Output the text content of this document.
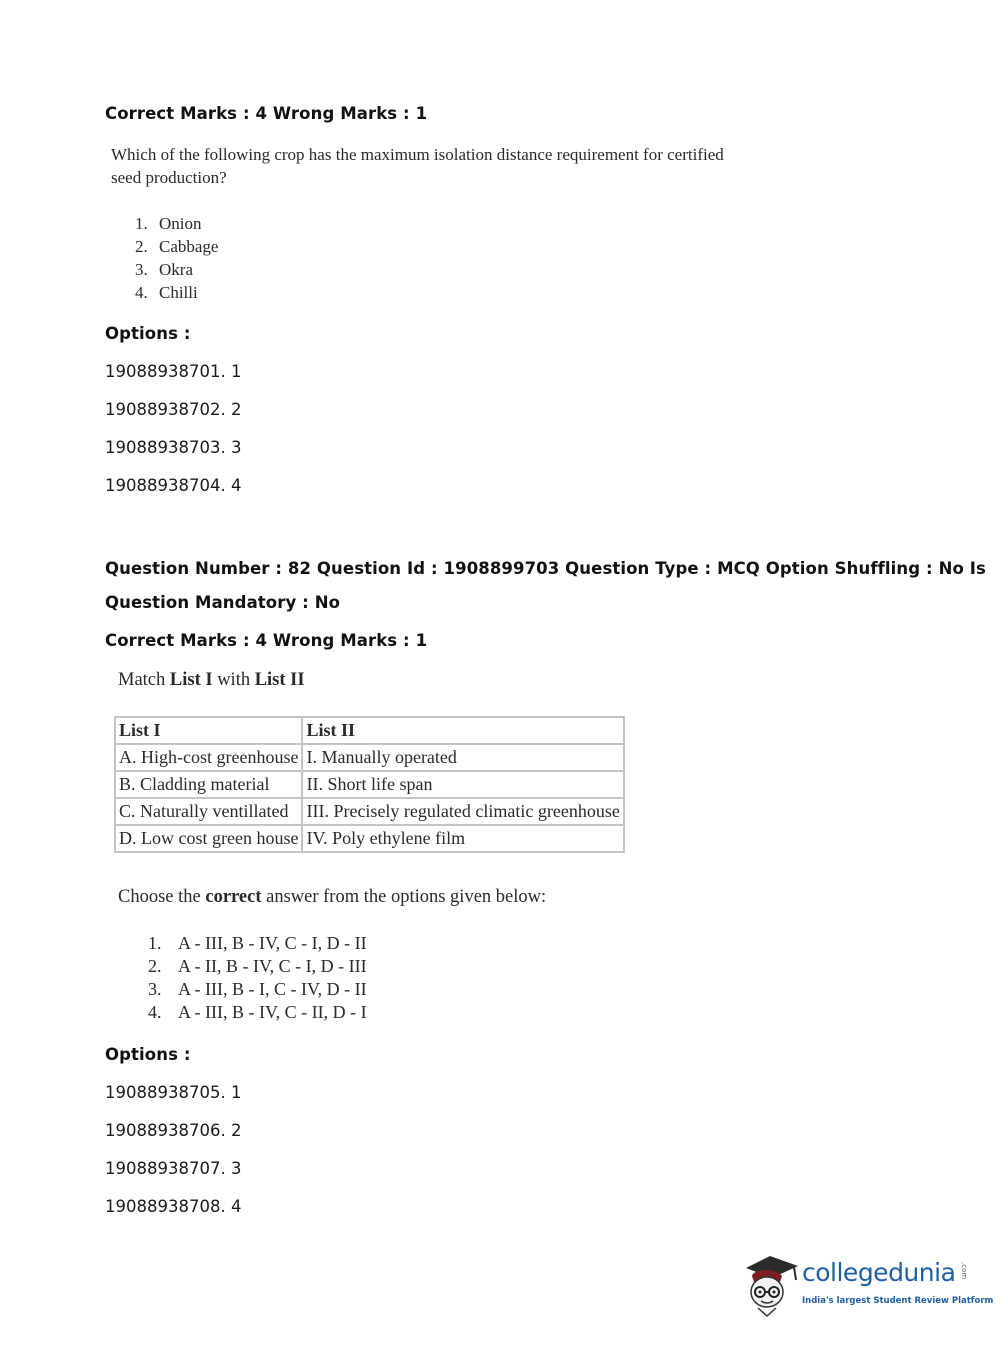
Correct Marks : 4 Wrong Marks : 1
Which of the following crop has the maximum isolation distance requirement for certified seed production?
1. Onion
2. Cabbage
3. Okra
4. Chilli
Options :
19088938701. 1
19088938702. 2
19088938703. 3
19088938704. 4
Question Number : 82 Question Id : 1908899703 Question Type : MCQ Option Shuffling : No Is
Question Mandatory : No
Correct Marks : 4 Wrong Marks : 1
Match List I with List II
List I	List II
A. High-cost greenhouse	I. Manually operated
B. Cladding material	II. Short life span
C. Naturally ventillated	III. Precisely regulated climatic greenhouse
D. Low cost green house	IV. Poly ethylene film
Choose the correct answer from the options given below:
1. A - III, B - IV, C - I, D - II
2. A - II, B - IV, C - I, D - III
3. A - III, B - I, C - IV, D - II
4. A - III, B - IV, C - II, D - I
Options :
19088938705. 1
19088938706. 2
19088938707. 3
19088938708. 4
collegedunia .com
India's largest Student Review Platform
